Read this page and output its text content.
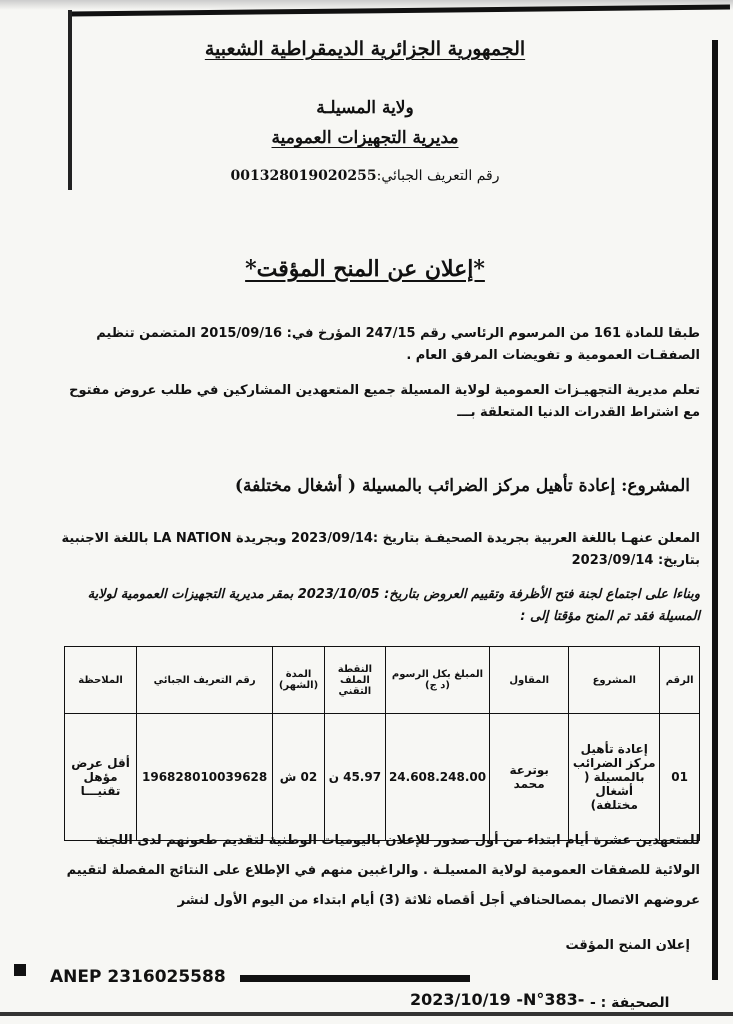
الجمهورية الجزائرية الديمقراطية الشعبية
ولاية المسيلـة
مديرية التجهيزات العمومية
رقم التعريف الجبائي:001328019020255
*إعلان عن المنح المؤقت*
طبقا للمادة 161 من المرسوم الرئاسي رقم 247/15 المؤرخ في: 2015/09/16 المتضمن تنظيم الصفقـات العمومية و تفويضات المرفق العام .
تعلم مديرية التجهيـزات العمومية لولاية المسيلة جميع المتعهدين المشاركين في طلب عروض مفتوح مع اشتراط القدرات الدنيا المتعلقة بـــ
المشروع: إعادة تأهيل مركز الضرائب بالمسيلة ( أشغال مختلفة)
المعلن عنهـا باللغة العربية بجريدة الصحيفـة بتاريخ :2023/09/14 وبجريدة LA NATION باللغة الاجنبية بتاريخ: 2023/09/14
وبناءا على اجتماع لجنة فتح الأظرفة وتقييم العروض بتاريخ: 2023/10/05 بمقر مديرية التجهيزات العمومية لولاية المسيلة فقد تم المنح مؤقتا إلى :
الرقم	المشروع	المقاول	المبلغ بكل الرسوم (د ج)	النقطة الملف التقني	المدة (الشهر)	رقم التعريف الجبائي	الملاحظة
01	إعادة تأهيل مركز الضرائب بالمسيلة ( أشغال مختلفة)	بوترعة محمد	24.608.248.00	45.97 ن	02 ش	196828010039628	أقل عرض مؤهل تقنيـــا
للمتعهدين عشرة أيام ابتداء من أول صدور للإعلان باليوميات الوطنية لتقديم طعونهم لدى اللجنة الولائية للصفقات العمومية لولاية المسيلـة . والراغبين منهم في الإطلاع على النتائج المفصلة لتقييم عروضهم الاتصال بمصالحنافي أجل أقصاه ثلاثة (3) أيام ابتداء من اليوم الأول لنشر
إعلان المنح المؤقت
ANEP 2316025588
2023/10/19 -N°383- الصحيفة : -
